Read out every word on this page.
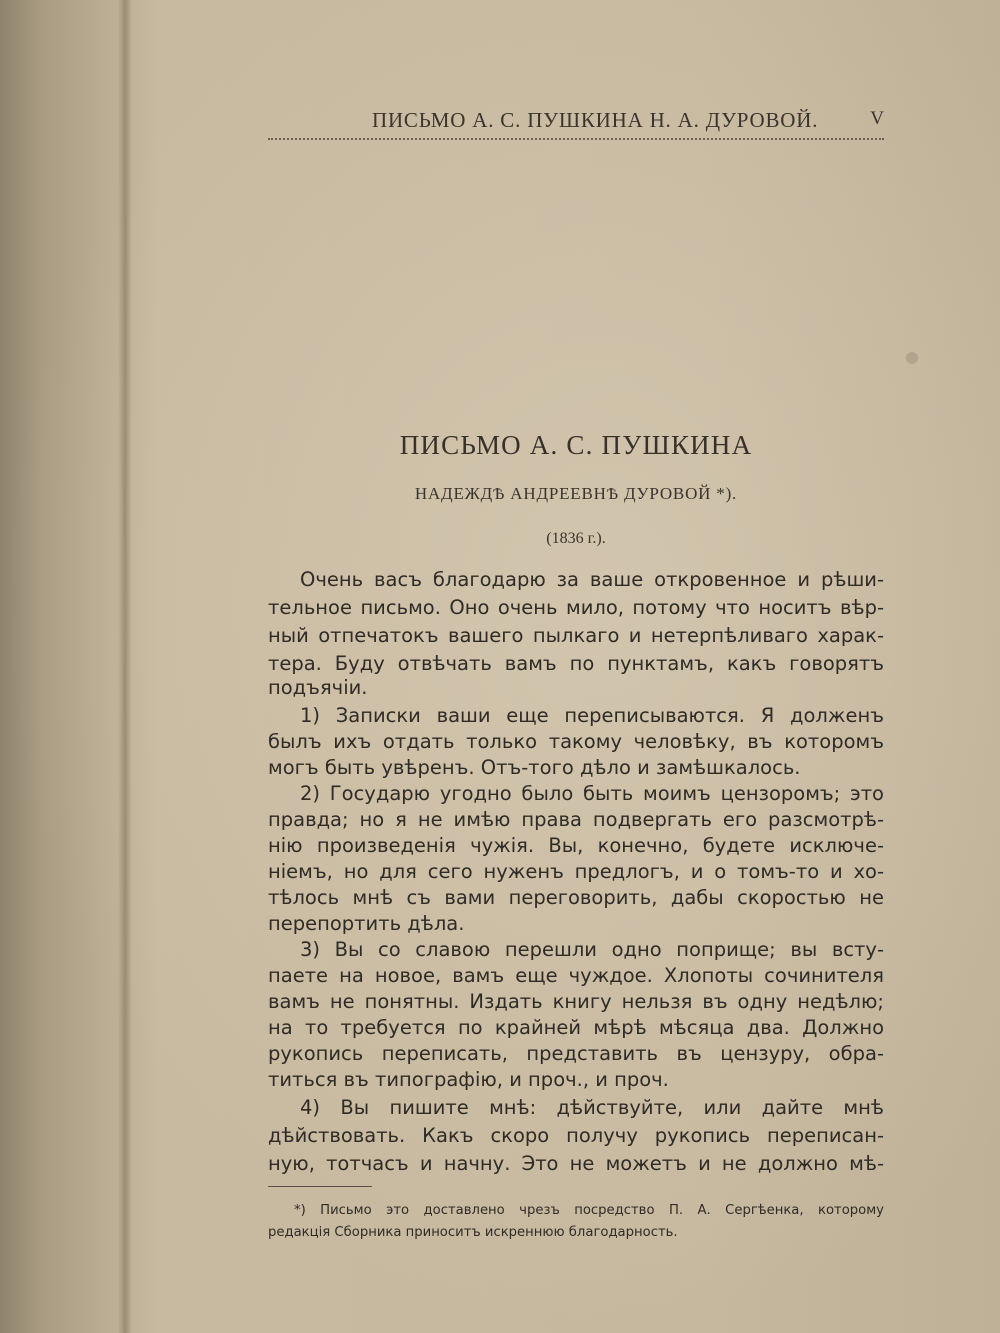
ПИСЬМО А. С. ПУШКИНА Н. А. ДУРОВОЙ.	V
ПИСЬМО А. С. ПУШКИНА
НАДЕЖДѢ АНДРЕЕВНѢ ДУРОВОЙ *).
(1836 г.).
Очень васъ благодарю за ваше откровенное и рѣши-
тельное письмо. Оно очень мило, потому что носитъ вѣр-
ный отпечатокъ вашего пылкаго и нетерпѣливаго харак-
тера. Буду отвѣчать вамъ по пунктамъ, какъ говорятъ
подъячiи.
1) Записки ваши еще переписываются. Я долженъ
былъ ихъ отдать только такому человѣку, въ которомъ
могъ быть увѣренъ. Отъ-того дѣло и замѣшкалось.
2) Государю угодно было быть моимъ цензоромъ; это
правда; но я не имѣю права подвергать его разсмотрѣ-
нiю произведенiя чужiя. Вы, конечно, будете исключе-
нiемъ, но для сего нуженъ предлогъ, и о томъ-то и хо-
тѣлось мнѣ съ вами переговорить, дабы скоростью не
перепортить дѣла.
3) Вы со славою перешли одно поприще; вы всту-
паете на новое, вамъ еще чуждое. Хлопоты сочинителя
вамъ не понятны. Издать книгу нельзя въ одну недѣлю;
на то требуется по крайней мѣрѣ мѣсяца два. Должно
рукопись переписать, представить въ цензуру, обра-
титься въ типографiю, и проч., и проч.
4) Вы пишите мнѣ: дѣйствуйте, или дайте мнѣ
дѣйствовать. Какъ скоро получу рукопись переписан-
ную, тотчасъ и начну. Это не можетъ и не должно мѣ-
*) Письмо это доставлено чрезъ посредство П. А. Сергѣенка, которому
редакцiя Сборника приноситъ искреннюю благодарность.
